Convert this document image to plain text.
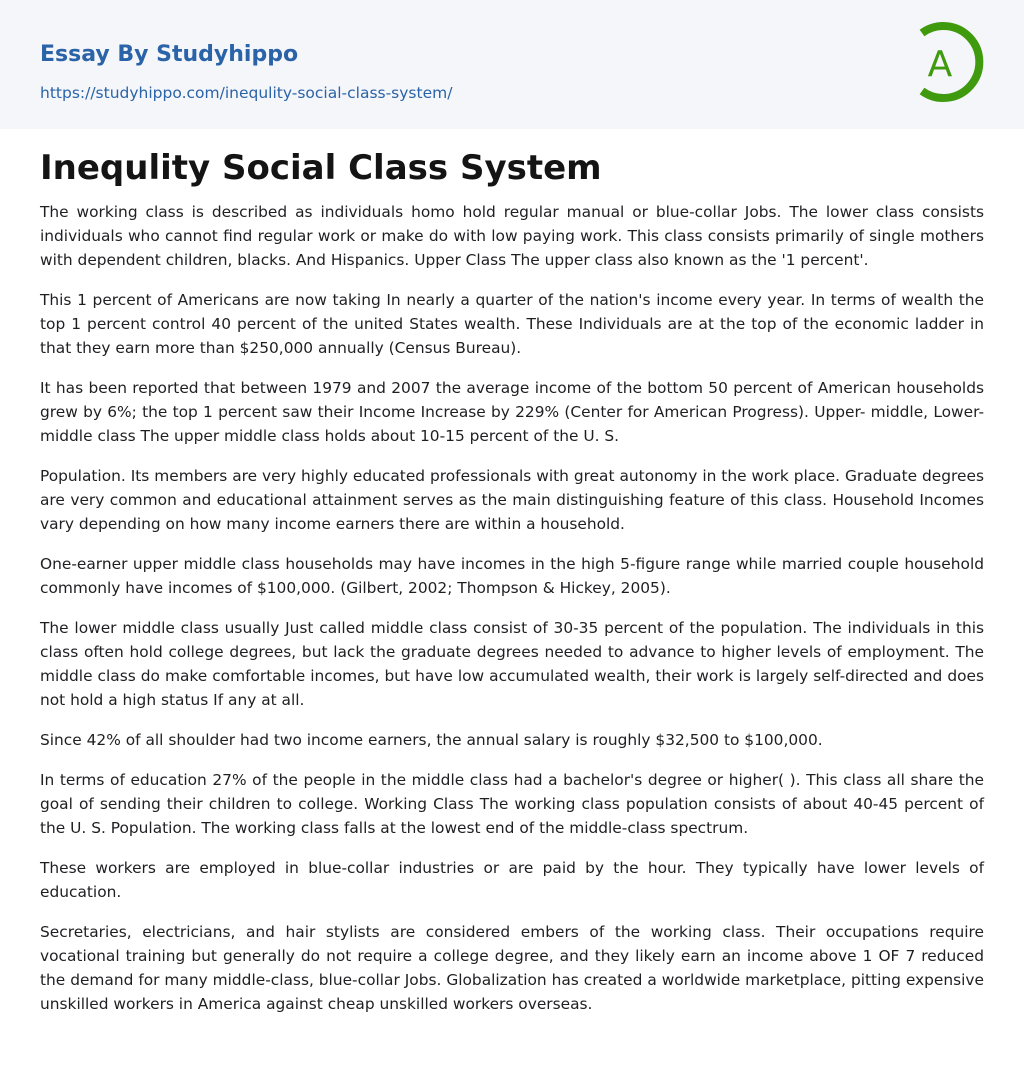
Essay By Studyhippo
https://studyhippo.com/inequlity-social-class-system/
A
Inequlity Social Class System

The working class is described as individuals homo hold regular manual or blue-collar Jobs. The lower class consists individuals who cannot find regular work or make do with low paying work. This class consists primarily of single mothers with dependent children, blacks. And Hispanics. Upper Class The upper class also known as the '1 percent'.

This 1 percent of Americans are now taking In nearly a quarter of the nation's income every year. In terms of wealth the top 1 percent control 40 percent of the united States wealth. These Individuals are at the top of the economic ladder in that they earn more than $250,000 annually (Census Bureau).

It has been reported that between 1979 and 2007 the average income of the bottom 50 percent of American households grew by 6%; the top 1 percent saw their Income Increase by 229% (Center for American Progress). Upper- middle, Lower-middle class The upper middle class holds about 10-15 percent of the U. S.

Population. Its members are very highly educated professionals with great autonomy in the work place. Graduate degrees are very common and educational attainment serves as the main distinguishing feature of this class. Household Incomes vary depending on how many income earners there are within a household.

One-earner upper middle class households may have incomes in the high 5-figure range while married couple household commonly have incomes of $100,000. (Gilbert, 2002; Thompson & Hickey, 2005).

The lower middle class usually Just called middle class consist of 30-35 percent of the population. The individuals in this class often hold college degrees, but lack the graduate degrees needed to advance to higher levels of employment. The middle class do make comfortable incomes, but have low accumulated wealth, their work is largely self-directed and does not hold a high status If any at all.

Since 42% of all shoulder had two income earners, the annual salary is roughly $32,500 to $100,000.

In terms of education 27% of the people in the middle class had a bachelor's degree or higher( ). This class all share the goal of sending their children to college. Working Class The working class population consists of about 40-45 percent of the U. S. Population. The working class falls at the lowest end of the middle-class spectrum.

These workers are employed in blue-collar industries or are paid by the hour. They typically have lower levels of education.

Secretaries, electricians, and hair stylists are considered embers of the working class. Their occupations require vocational training but generally do not require a college degree, and they likely earn an income above 1 OF 7 reduced the demand for many middle-class, blue-collar Jobs. Globalization has created a worldwide marketplace, pitting expensive unskilled workers in America against cheap unskilled workers overseas.
